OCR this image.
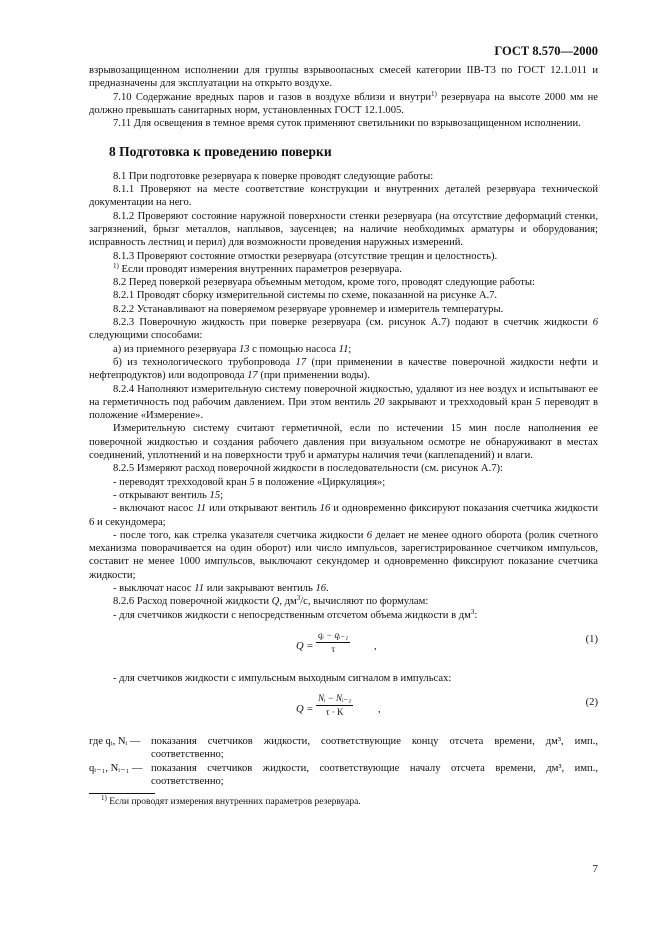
ГОСТ 8.570—2000

взрывозащищенном исполнении для группы взрывоопасных смесей категории IIB-T3 по ГОСТ 12.1.011 и предназначены для эксплуатации на открыто воздухе.

7.10 Содержание вредных паров и газов в воздухе вблизи и внутри$^{1)}$ резервуара на высоте 2000 мм не должно превышать санитарных норм, установленных ГОСТ 12.1.005.

7.11 Для освещения в темное время суток применяют светильники по взрывозащищенном исполнении.

8 Подготовка к проведению поверки

8.1 При подготовке резервуара к поверке проводят следующие работы:

8.1.1 Проверяют на месте соответствие конструкции и внутренних деталей резервуара технической документации на него.

8.1.2 Проверяют состояние наружной поверхности стенки резервуара (на отсутствие деформаций стенки, загрязнений, брызг металлов, наплывов, заусенцев; на наличие необходимых арматуры и оборудования; исправность лестниц и перил) для возможности проведения наружных измерений.

8.1.3 Проверяют состояние отмостки резервуара (отсутствие трещин и целостность).

$^{1)}$ Если проводят измерения внутренних параметров резервуара.

8.2 Перед поверкой резервуара объемным методом, кроме того, проводят следующие работы:

8.2.1 Проводят сборку измерительной системы по схеме, показанной на рисунке А.7.

8.2.2 Устанавливают на поверяемом резервуаре уровнемер и измеритель температуры.

8.2.3 Поверочную жидкость при поверке резервуара (см. рисунок А.7) подают в счетчик жидкости 6 следующими способами:

а) из приемного резервуара 13 с помощью насоса 11;

б) из технологического трубопровода 17 (при применении в качестве поверочной жидкости нефти и нефтепродуктов) или водопровода 17 (при применении воды).

8.2.4 Наполняют измерительную систему поверочной жидкостью, удаляют из нее воздух и испытывают ее на герметичность под рабочим давлением. При этом вентиль 20 закрывают и трехходовый кран 5 переводят в положение «Измерение».

Измерительную систему считают герметичной, если по истечении 15 мин после наполнения ее поверочной жидкостью и создания рабочего давления при визуальном осмотре не обнаруживают в местах соединений, уплотнений и на поверхности труб и арматуры наличия течи (каплепадений) и влаги.

8.2.5 Измеряют расход поверочной жидкости в последовательности (см. рисунок А.7):

- переводят трехходовой кран 5 в положение «Циркуляция»;

- открывают вентиль 15;

- включают насос 11 или открывают вентиль 16 и одновременно фиксируют показания счетчика жидкости 6 и секундомера;

- после того, как стрелка указателя счетчика жидкости 6 делает не менее одного оборота (ролик счетного механизма поворачивается на один оборот) или число импульсов, зарегистрированное счетчиком импульсов, составит не менее 1000 импульсов, выключают секундомер и одновременно фиксируют показание счетчика жидкости;

- выключат насос 11 или закрывают вентиль 16.

8.2.6 Расход поверочной жидкости Q, $дм^3/с$, вычисляют по формулам:

- для счетчиков жидкости с непосредственным отсчетом объема жидкости в $дм^3$:

$Q = \frac{\text{qᵢ − qᵢ₋₁}}{\tau}$ ,
(1)

- для счетчиков жидкости с импульсным выходным сигналом в импульсах:

$Q = \frac{\text{Nᵢ − Nᵢ₋₁}}{\tau \cdot K}$ ,
(2)
где qᵢ, Nᵢ — показания счетчиков жидкости, соответствующие концу отсчета времени, дм³, имп., соответственно;
qᵢ₋₁, Nᵢ₋₁ — показания счетчиков жидкости, соответствующие началу отсчета времени, дм³, имп., соответственно;
$^{1)}$ Если проводят измерения внутренних параметров резервуара.
7
